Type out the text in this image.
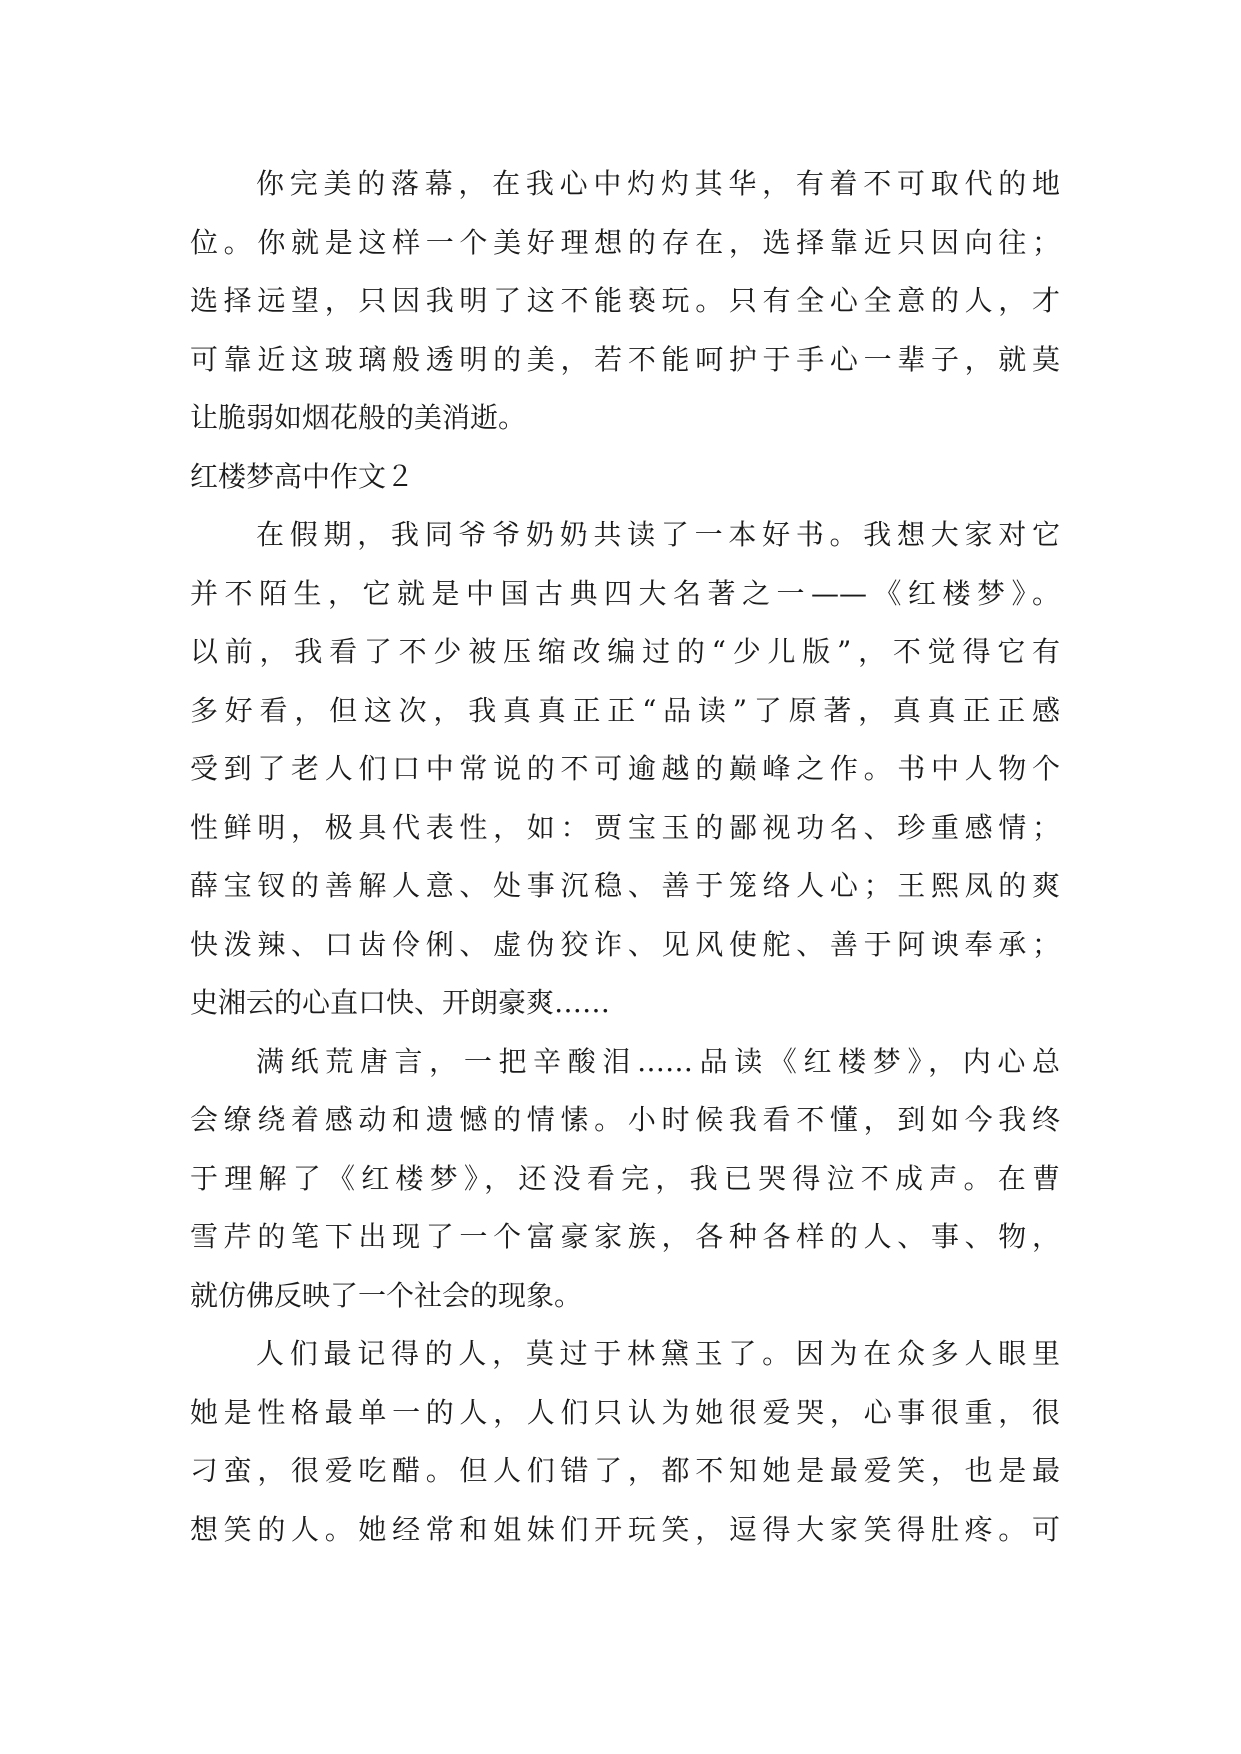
你完美的落幕，在我心中灼灼其华，有着不可取代的地
位。你就是这样一个美好理想的存在，选择靠近只因向往；
选择远望，只因我明了这不能亵玩。只有全心全意的人，才
可靠近这玻璃般透明的美，若不能呵护于手心一辈子，就莫
让脆弱如烟花般的美消逝。
红楼梦高中作文２
在假期，我同爷爷奶奶共读了一本好书。我想大家对它
并不陌生，它就是中国古典四大名著之一——《红楼梦》。
以前，我看了不少被压缩改编过的“少儿版”，不觉得它有
多好看，但这次，我真真正正“品读”了原著，真真正正感
受到了老人们口中常说的不可逾越的巅峰之作。书中人物个
性鲜明，极具代表性，如：贾宝玉的鄙视功名、珍重感情；
薛宝钗的善解人意、处事沉稳、善于笼络人心；王熙凤的爽
快泼辣、口齿伶俐、虚伪狡诈、见风使舵、善于阿谀奉承；
史湘云的心直口快、开朗豪爽……
满纸荒唐言，一把辛酸泪……品读《红楼梦》，内心总
会缭绕着感动和遗憾的情愫。小时候我看不懂，到如今我终
于理解了《红楼梦》，还没看完，我已哭得泣不成声。在曹
雪芹的笔下出现了一个富豪家族，各种各样的人、事、物，
就仿佛反映了一个社会的现象。
人们最记得的人，莫过于林黛玉了。因为在众多人眼里
她是性格最单一的人，人们只认为她很爱哭，心事很重，很
刁蛮，很爱吃醋。但人们错了，都不知她是最爱笑，也是最
想笑的人。她经常和姐妹们开玩笑，逗得大家笑得肚疼。可
